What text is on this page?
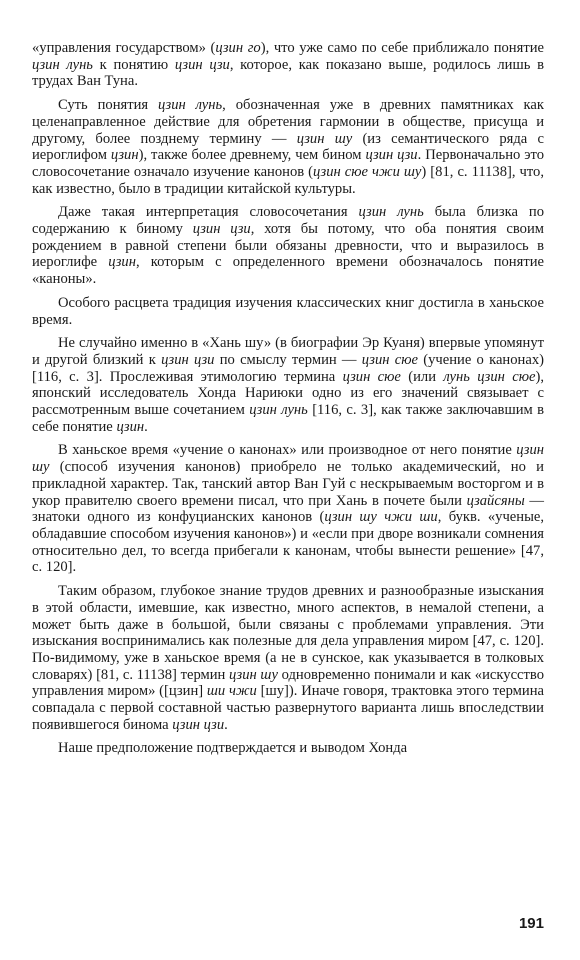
«управления государством» (цзин го), что уже само по себе приближало понятие цзин лунь к понятию цзин цзи, которое, как показано выше, родилось лишь в трудах Ван Туна.

Суть понятия цзин лунь, обозначенная уже в древних памятниках как целенаправленное действие для обретения гармонии в обществе, присуща и другому, более позднему термину — цзин шу (из семантического ряда с иероглифом цзин), также более древнему, чем бином цзин цзи. Первоначально это словосочетание означало изучение канонов (цзин сюе чжи шу) [81, с. 11138], что, как известно, было в традиции китайской культуры.

Даже такая интерпретация словосочетания цзин лунь была близка по содержанию к биному цзин цзи, хотя бы потому, что оба понятия своим рождением в равной степени были обязаны древности, что и выразилось в иероглифе цзин, которым с определенного времени обозначалось понятие «каноны».

Особого расцвета традиция изучения классических книг достигла в ханьское время.

Не случайно именно в «Хань шу» (в биографии Эр Куаня) впервые упомянут и другой близкий к цзин цзи по смыслу термин — цзин сюе (учение о канонах) [116, с. 3]. Прослеживая этимологию термина цзин сюе (или лунь цзин сюе), японский исследователь Хонда Нариюки одно из его значений связывает с рассмотренным выше сочетанием цзин лунь [116, с. 3], как также заключавшим в себе понятие цзин.

В ханьское время «учение о канонах» или производное от него понятие цзин шу (способ изучения канонов) приобрело не только академический, но и прикладной характер. Так, танский автор Ван Гуй с нескрываемым восторгом и в укор правителю своего времени писал, что при Хань в почете были цзайсяны — знатоки одного из конфуцианских канонов (цзин шу чжи ши, букв. «ученые, обладавшие способом изучения канонов») и «если при дворе возникали сомнения относительно дел, то всегда прибегали к канонам, чтобы вынести решение» [47, с. 120].

Таким образом, глубокое знание трудов древних и разнообразные изыскания в этой области, имевшие, как известно, много аспектов, в немалой степени, а может быть даже в большой, были связаны с проблемами управления. Эти изыскания воспринимались как полезные для дела управления миром [47, с. 120]. По-видимому, уже в ханьское время (а не в сунское, как указывается в толковых словарях) [81, с. 11138] термин цзин шу одновременно понимали и как «искусство управления миром» ([цзин] ши чжи [шу]). Иначе говоря, трактовка этого термина совпадала с первой составной частью развернутого варианта лишь впоследствии появившегося бинома цзин цзи.

Наше предположение подтверждается и выводом Хонда

191
